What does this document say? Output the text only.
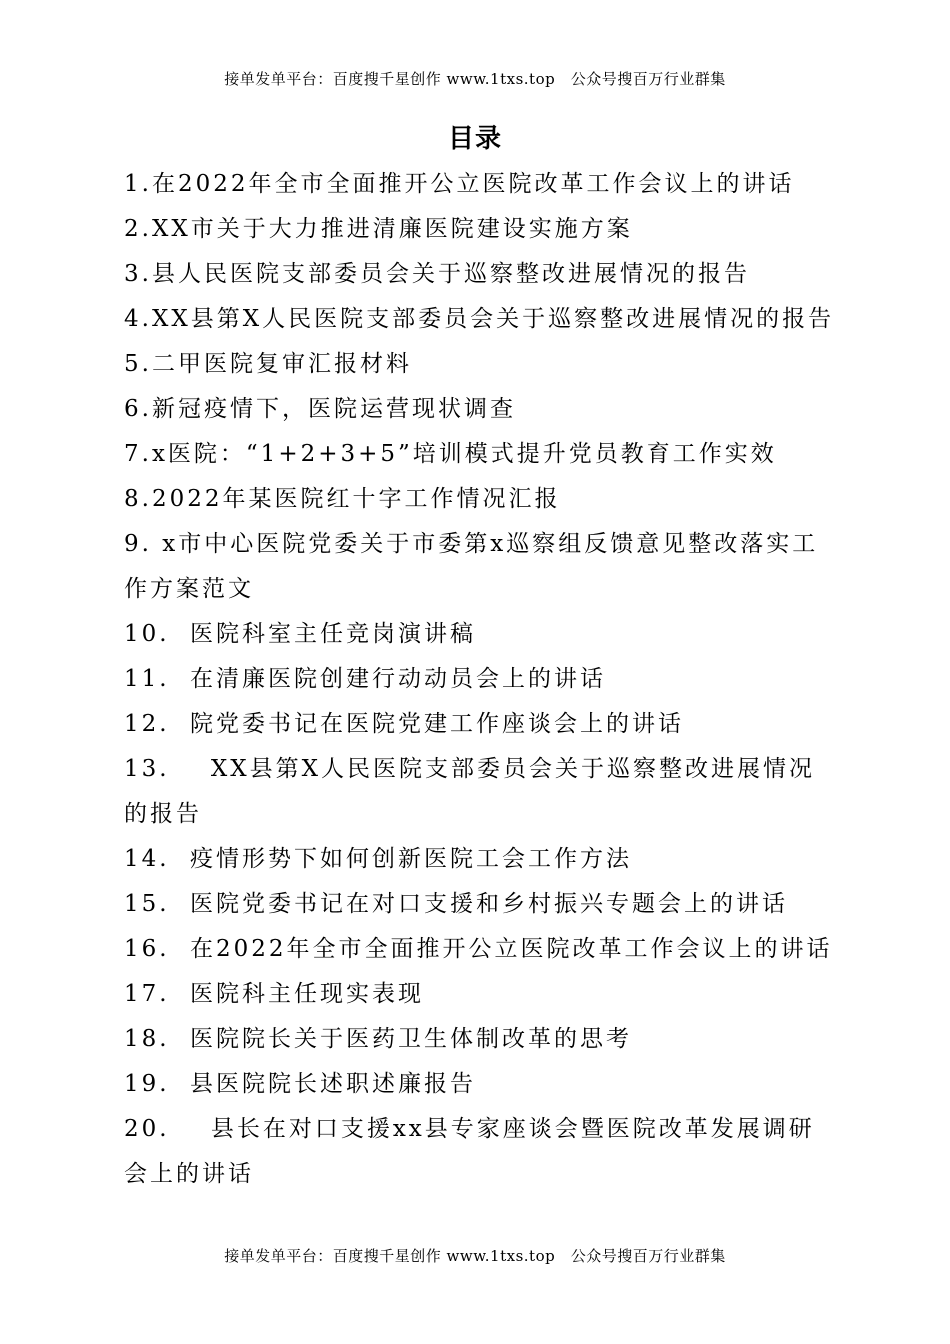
接单发单平台：百度搜千星创作 www.1txs.top　公众号搜百万行业群集
目录
1. 在2022年全市全面推开公立医院改革工作会议上的讲话
2. XX市关于大力推进清廉医院建设实施方案
3. 县人民医院支部委员会关于巡察整改进展情况的报告
4. XX县第X人民医院支部委员会关于巡察整改进展情况的报告
5. 二甲医院复审汇报材料
6. 新冠疫情下，医院运营现状调查
7. x医院：“1+2+3+5”培训模式提升党员教育工作实效
8. 2022年某医院红十字工作情况汇报
9. x市中心医院党委关于市委第x巡察组反馈意见整改落实工作方案范文
10. 医院科室主任竞岗演讲稿
11. 在清廉医院创建行动动员会上的讲话
12. 院党委书记在医院党建工作座谈会上的讲话
13. XX县第X人民医院支部委员会关于巡察整改进展情况的报告
14. 疫情形势下如何创新医院工会工作方法
15. 医院党委书记在对口支援和乡村振兴专题会上的讲话
16. 在2022年全市全面推开公立医院改革工作会议上的讲话
17. 医院科主任现实表现
18. 医院院长关于医药卫生体制改革的思考
19. 县医院院长述职述廉报告
20. 县长在对口支援xx县专家座谈会暨医院改革发展调研会上的讲话
接单发单平台：百度搜千星创作 www.1txs.top　公众号搜百万行业群集
